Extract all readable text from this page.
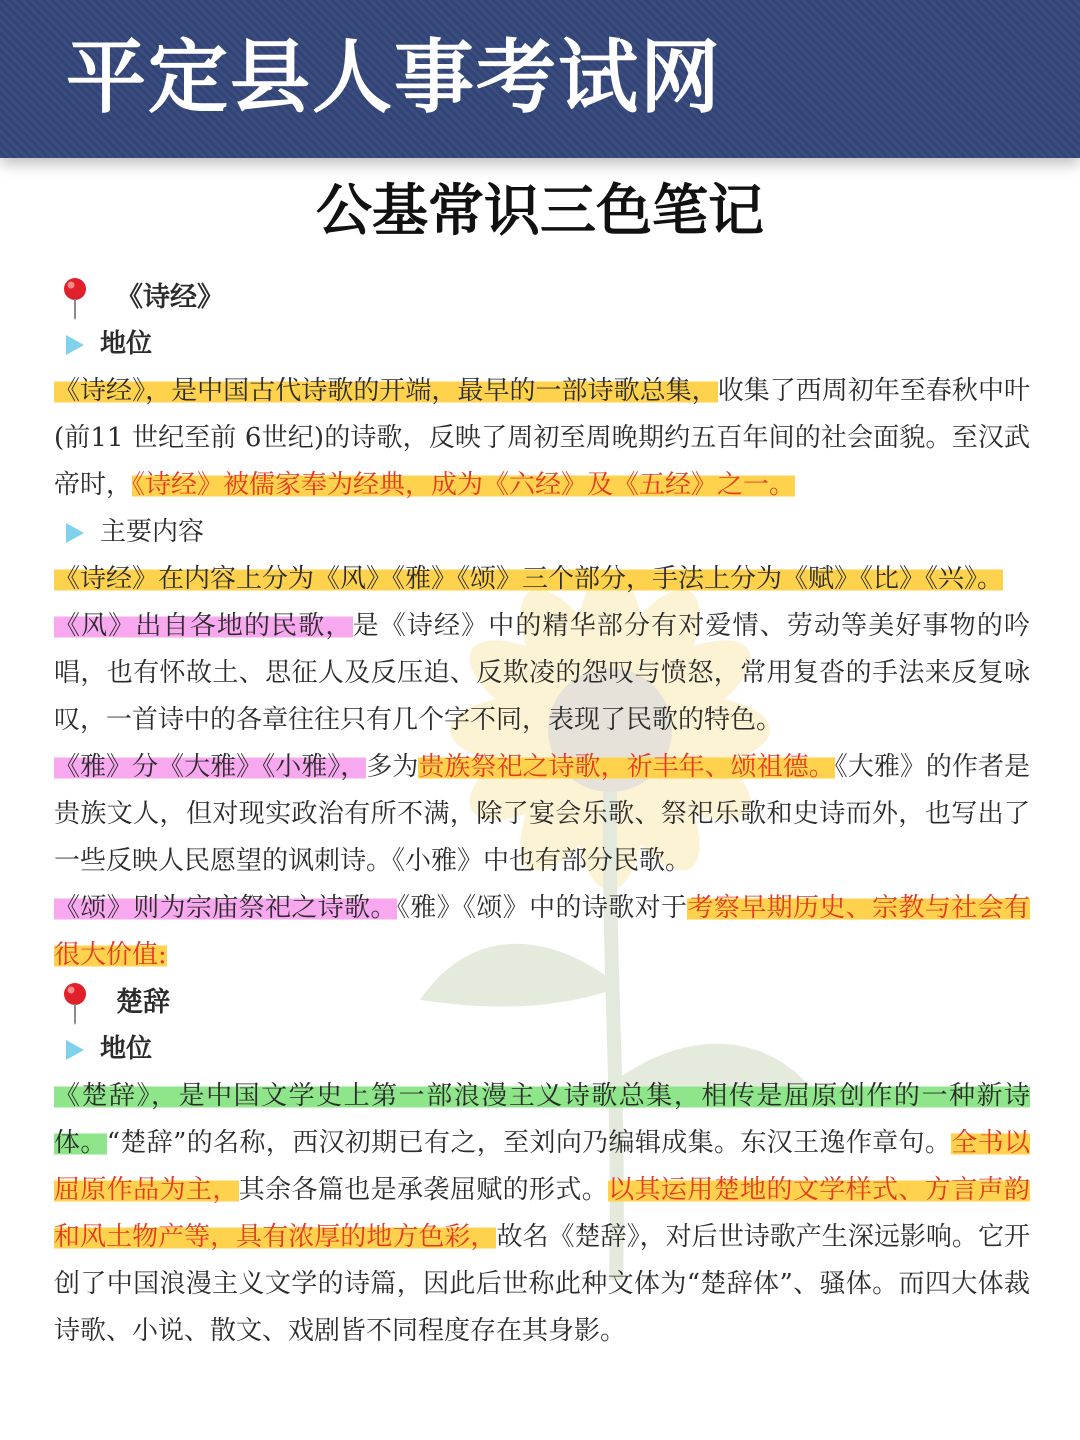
平定县人事考试网
公基常识三色笔记
《诗经》
地位

《诗经》，是中国古代诗歌的开端，最早的一部诗歌总集，收集了西周初年至春秋中叶(前11 世纪至前 6世纪)的诗歌，反映了周初至周晚期约五百年间的社会面貌。至汉武帝时，《诗经》被儒家奉为经典，成为《六经》及《五经》之一。

主要内容

《诗经》在内容上分为《风》《雅》《颂》三个部分，手法上分为《赋》《比》《兴》。

《风》出自各地的民歌，是《诗经》中的精华部分有对爱情、劳动等美好事物的吟唱，也有怀故土、思征人及反压迫、反欺凌的怨叹与愤怒，常用复沓的手法来反复咏叹，一首诗中的各章往往只有几个字不同，表现了民歌的特色。

《雅》分《大雅》《小雅》，多为贵族祭祀之诗歌，祈丰年、颂祖德。《大雅》的作者是贵族文人，但对现实政治有所不满，除了宴会乐歌、祭祀乐歌和史诗而外，也写出了一些反映人民愿望的讽刺诗。《小雅》中也有部分民歌。

《颂》则为宗庙祭祀之诗歌。《雅》《颂》中的诗歌对于考察早期历史、宗教与社会有很大价值:

楚辞
地位

《楚辞》，是中国文学史上第一部浪漫主义诗歌总集，相传是屈原创作的一种新诗体。“楚辞”的名称，西汉初期已有之，至刘向乃编辑成集。东汉王逸作章句。全书以屈原作品为主，其余各篇也是承袭屈赋的形式。以其运用楚地的文学样式、方言声韵和风土物产等，具有浓厚的地方色彩，故名《楚辞》，对后世诗歌产生深远影响。它开创了中国浪漫主义文学的诗篇，因此后世称此种文体为“楚辞体”、骚体。而四大体裁诗歌、小说、散文、戏剧皆不同程度存在其身影。
